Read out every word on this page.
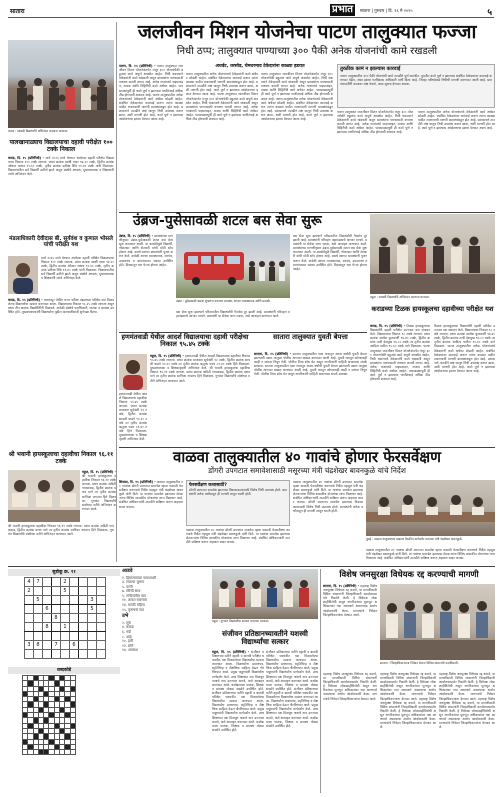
सातारा	प्रभात	सातारा | गुरुवार | दि. १६ मे २०२५	५
जलजीवन मिशन योजनेचा पाटण तालुक्यात फज्जा
निधी ठप्प; तालुक्यात पाण्याच्या ३०० पैकी अनेक योजनांची कामे रखडली
कराड : यशस्वी विद्यार्थ्यांचे अभिनंदन करताना मान्यवर.
पालखानाळ्याच विद्यालयाचा दहावी परीक्षेत १०० टक्के निकाल
कराड, दि. १५ (प्रतिनिधी) - मार्च २०२५ मध्ये घेण्यात आलेल्या दहावी परीक्षेत विद्यालयाचा निकाल १०० टक्के लागला. प्रथम क्रमांक साक्षी पवार ९४.२० टक्के, द्वितीय क्रमांक ओंकार जाधव ९२.६० टक्के, तृतीय क्रमांक प्रतीक्षा शिंदे ९१.४० टक्के यांनी मिळवला. विद्यालयातील सर्व विद्यार्थी उत्तीर्ण झाले असून संस्थेचे अध्यक्ष, मुख्याध्यापक व शिक्षकांनी त्यांचे अभिनंदन केले.
मंडलाधिकारी देवीदास बी. सूर्यवंश व कुणाल भोसले यांची परीक्षेत यश
कराड, दि. १५ (प्रतिनिधी) - मलकापूर येथील राज्य परीक्षा मंडळाच्या परीक्षेत यश मिळवलेल्या विद्यार्थ्यांचा सत्कार करण्यात आला. विद्यालयाचा निकाल ९८.२५ टक्के लागला असून प्रथम तीन क्रमांक विद्यार्थिनींनी मिळवले. यावेळी संस्थेचे पदाधिकारी, पालक व ग्रामस्थ उपस्थित होते. मुख्याध्यापकांनी विद्यार्थ्यांना पुढील वाटचालीसाठी शुभेच्छा दिल्या.
मार्च २०२५ मध्ये घेण्यात आलेल्या दहावी परीक्षेत विद्यालयाचा निकाल १०० टक्के लागला. प्रथम क्रमांक साक्षी पवार ९४.२० टक्के, द्वितीय क्रमांक ओंकार जाधव ९२.६० टक्के, तृतीय क्रमांक प्रतीक्षा शिंदे ९१.४० टक्के यांनी मिळवला. विद्यालयातील सर्व विद्यार्थी उत्तीर्ण झाले असून संस्थेचे अध्यक्ष, मुख्याध्यापक व शिक्षकांनी त्यांचे अभिनंदन केले.
श्री भवानी हायस्कूलाचा दहावीचा निकाल ९६.११ टक्के
वडूज, दि. १५ (प्रतिनिधी) - श्री भवानी हायस्कूलचा दहावीचा निकाल ९६.११ टक्के लागला. प्रथम क्रमांक अदिती गायकवाड, द्वितीय क्रमांक प्रणव माने तर तृतीय क्रमांक सानिका जगताप हिने मिळवला. गुणवंत विद्यार्थ्यांचे संस्थेच्या वतीने अभिनंदन करण्यात आले.
श्री भवानी हायस्कूलचा दहावीचा निकाल ९६.११ टक्के लागला. प्रथम क्रमांक अदिती गायकवाड, द्वितीय क्रमांक प्रणव माने तर तृतीय क्रमांक सानिका जगताप हिने मिळवला. गुणवंत विद्यार्थ्यांचे संस्थेच्या वतीने अभिनंदन करण्यात आले.
पाटण, दि. १५ (प्रतिनिधी) - पाटण तालुक्यात जलजीवन मिशन योजनेअंतर्गत मंजूर ३०० योजनांपैकी बहुतांश कामे अपूर्ण अवस्थेत आहेत. निधी थकल्याने ठेकेदारांनी कामे थांबवली असून ग्रामस्थांना पाण्यासाठी वणवण करावी लागत आहे. अनेक गावांमध्ये पाइपलाइन, टाक्या आणि विहिरींची कामे अर्धवट आहेत. पावसाळ्यापूर्वी ही कामे पूर्ण न झाल्यास पाणीटंचाई अधिक तीव्र होण्याची शक्यता आहे. पाटण तालुक्यातील अनेक योजनांमध्ये ठेकेदारांनी कामे अर्धवट सोडली आहेत. संबंधित ठेकेदारांवर कारवाई करून त्यांना काळ्या यादीत टाकण्याची मागणी ग्रामस्थांकडून होत आहे. प्रशासनाने तातडीने लक्ष घालून निधी उपलब्ध करून द्यावा, अशी मागणी होत आहे. कामे पूर्ण न झाल्यास आंदोलनाचा इशारा देण्यात आला आहे.
अधर्वट, धरसोड, चेमधरमाव टेकेदारांना काळ्या हडरात
पाटण तालुक्यातील अनेक योजनांमध्ये ठेकेदारांनी कामे अर्धवट सोडली आहेत. संबंधित ठेकेदारांवर कारवाई करून त्यांना काळ्या यादीत टाकण्याची मागणी ग्रामस्थांकडून होत आहे. प्रशासनाने तातडीने लक्ष घालून निधी उपलब्ध करून द्यावा, अशी मागणी होत आहे. कामे पूर्ण न झाल्यास आंदोलनाचा इशारा देण्यात आला आहे. पाटण तालुक्यात जलजीवन मिशन योजनेअंतर्गत मंजूर ३०० योजनांपैकी बहुतांश कामे अपूर्ण अवस्थेत आहेत. निधी थकल्याने ठेकेदारांनी कामे थांबवली असून ग्रामस्थांना पाण्यासाठी वणवण करावी लागत आहे. अनेक गावांमध्ये पाइपलाइन, टाक्या आणि विहिरींची कामे अर्धवट आहेत. पावसाळ्यापूर्वी ही कामे पूर्ण न झाल्यास पाणीटंचाई अधिक तीव्र होण्याची शक्यता आहे.
पाटण तालुक्यात जलजीवन मिशन योजनेअंतर्गत मंजूर ३०० योजनांपैकी बहुतांश कामे अपूर्ण अवस्थेत आहेत. निधी थकल्याने ठेकेदारांनी कामे थांबवली असून ग्रामस्थांना पाण्यासाठी वणवण करावी लागत आहे. अनेक गावांमध्ये पाइपलाइन, टाक्या आणि विहिरींची कामे अर्धवट आहेत. पावसाळ्यापूर्वी ही कामे पूर्ण न झाल्यास पाणीटंचाई अधिक तीव्र होण्याची शक्यता आहे. पाटण तालुक्यातील अनेक योजनांमध्ये ठेकेदारांनी कामे अर्धवट सोडली आहेत. संबंधित ठेकेदारांवर कारवाई करून त्यांना काळ्या यादीत टाकण्याची मागणी ग्रामस्थांकडून होत आहे. प्रशासनाने तातडीने लक्ष घालून निधी उपलब्ध करून द्यावा, अशी मागणी होत आहे. कामे पूर्ण न झाल्यास आंदोलनाचा इशारा देण्यात आला आहे.
तुरळीक कामं न झाल्यास कारवाई
पाटण तालुक्यातील ३०० पैकी योजनांची कामे तातडीने पूर्ण करावीत. मुदतीत कामे पूर्ण न झाल्यास संबंधित ठेकेदारांवर कारवाई करण्यात येईल, असा इशारा गटविकास अधिकारी यांनी दिला आहे. जिल्हा परिषदेकडे निधीची मागणी करण्यात आली आहे. ग्रामपंचायतींनी कामावर लक्ष ठेवावे, अशा सूचना देण्यात आल्या.
पाटण तालुक्यात जलजीवन मिशन योजनेअंतर्गत मंजूर ३०० योजनांपैकी बहुतांश कामे अपूर्ण अवस्थेत आहेत. निधी थकल्याने ठेकेदारांनी कामे थांबवली असून ग्रामस्थांना पाण्यासाठी वणवण करावी लागत आहे. अनेक गावांमध्ये पाइपलाइन, टाक्या आणि विहिरींची कामे अर्धवट आहेत. पावसाळ्यापूर्वी ही कामे पूर्ण न झाल्यास पाणीटंचाई अधिक तीव्र होण्याची शक्यता आहे.
पाटण तालुक्यातील अनेक योजनांमध्ये ठेकेदारांनी कामे अर्धवट सोडली आहेत. संबंधित ठेकेदारांवर कारवाई करून त्यांना काळ्या यादीत टाकण्याची मागणी ग्रामस्थांकडून होत आहे. प्रशासनाने तातडीने लक्ष घालून निधी उपलब्ध करून द्यावा, अशी मागणी होत आहे. कामे पूर्ण न झाल्यास आंदोलनाचा इशारा देण्यात आला आहे.
उंब्रज-पुसेसावळी शटल बस सेवा सुरू
उंब्रज, दि. १५ (प्रतिनिधी) - ग्रामस्थांच्या मागणीनुसार उंब्रज-पुसेसावळी शटल बस सेवा सुरू करण्यात आली. या बससेवेमुळे विद्यार्थी, नोकरदार आणि शेतकरी यांची मोठी सोय होणार आहे. बसचे स्वागत ग्रामस्थांनी पूजन करून केले. यावेळी आगार व्यवस्थापक, सरपंच, उपसरपंच व ग्रामपंचायत सदस्य उपस्थित होते. दिवसातून चार फेऱ्या होणार आहेत.
उंब्रज : पुसेसावळी बसचा शुभारंभ करताना ग्रामस्थ, आगार व्यवस्थापक आणि प्रवासी.
बस सेवा सुरू झाल्याने परिसरातील विद्यार्थ्यांची गैरसोय दूर झाली आहे. ग्रामस्थांनी परिवहन महामंडळाचे आभार मानले. प्रवाशांनी या सेवेचा लाभ घ्यावा, असे आवाहन करण्यात आले.
बस सेवा सुरू झाल्याने परिसरातील विद्यार्थ्यांची गैरसोय दूर झाली आहे. ग्रामस्थांनी परिवहन महामंडळाचे आभार मानले. प्रवाशांनी या सेवेचा लाभ घ्यावा, असे आवाहन करण्यात आले. ग्रामस्थांच्या मागणीनुसार उंब्रज-पुसेसावळी शटल बस सेवा सुरू करण्यात आली. या बससेवेमुळे विद्यार्थी, नोकरदार आणि शेतकरी यांची मोठी सोय होणार आहे. बसचे स्वागत ग्रामस्थांनी पूजन करून केले. यावेळी आगार व्यवस्थापक, सरपंच, उपसरपंच व ग्रामपंचायत सदस्य उपस्थित होते. दिवसातून चार फेऱ्या होणार आहेत.
वडूज : यशस्वी विद्यार्थ्यांचे अभिनंदन करताना मान्यवर.
कराडच्या टिळक हायस्कूलचा दहावीच्या परीक्षेत यश
कराड, दि. १५ (प्रतिनिधी) - टिळक हायस्कूलच्या विद्यार्थ्यांनी दहावी परीक्षेत उज्ज्वल यश संपादन केले. विद्यालयाचा निकाल ९८ टक्के लागला. प्रथम क्रमांक सार्थक कुलकर्णी ९७.४० टक्के, द्वितीय क्रमांक तन्वी देशमुख ९६.८० टक्के तर तृतीय क्रमांक आदित्य पाटील ९५.६० टक्के याने मिळवला. पाटण तालुक्यात जलजीवन मिशन योजनेअंतर्गत मंजूर ३०० योजनांपैकी बहुतांश कामे अपूर्ण अवस्थेत आहेत. निधी थकल्याने ठेकेदारांनी कामे थांबवली असून ग्रामस्थांना पाण्यासाठी वणवण करावी लागत आहे. अनेक गावांमध्ये पाइपलाइन, टाक्या आणि विहिरींची कामे अर्धवट आहेत. पावसाळ्यापूर्वी ही कामे पूर्ण न झाल्यास पाणीटंचाई अधिक तीव्र होण्याची शक्यता आहे.
टिळक हायस्कूलच्या विद्यार्थ्यांनी दहावी परीक्षेत उज्ज्वल यश संपादन केले. विद्यालयाचा निकाल ९८ टक्के लागला. प्रथम क्रमांक सार्थक कुलकर्णी ९७.४० टक्के, द्वितीय क्रमांक तन्वी देशमुख ९६.८० टक्के तर तृतीय क्रमांक आदित्य पाटील ९५.६० टक्के याने मिळवला. पाटण तालुक्यातील अनेक योजनांमध्ये ठेकेदारांनी कामे अर्धवट सोडली आहेत. संबंधित ठेकेदारांवर कारवाई करून त्यांना काळ्या यादीत टाकण्याची मागणी ग्रामस्थांकडून होत आहे. प्रशासनाने तातडीने लक्ष घालून निधी उपलब्ध करून द्यावा, अशी मागणी होत आहे. कामे पूर्ण न झाल्यास आंदोलनाचा इशारा देण्यात आला आहे.
हणमंतवाडी येथील आदर्श विद्यालयाचा दहावी परीक्षेचा निकाल ९५.४५ टक्के
वडूज, दि. १५ (प्रतिनिधी) - हणमंतवाडी येथील आदर्श विद्यालयाचा दहावीचा निकाल ९५.४५ टक्के लागला. प्रथम क्रमांक प्राजक्ता सूर्यवंशी ९२ टक्के, द्वितीय क्रमांक सायली घाडगे ९०.२० टक्के तर तृतीय क्रमांक ऋतुजा पवार ८९.४० टक्के हिने मिळवला. मुख्याध्यापक व शिक्षकवृंदांनी अभिनंदन केले. श्री भवानी हायस्कूलचा दहावीचा निकाल ९६.११ टक्के लागला. प्रथम क्रमांक अदिती गायकवाड, द्वितीय क्रमांक प्रणव माने तर तृतीय क्रमांक सानिका जगताप हिने मिळवला. गुणवंत विद्यार्थ्यांचे संस्थेच्या वतीने अभिनंदन करण्यात आले.
हणमंतवाडी येथील आदर्श विद्यालयाचा दहावीचा निकाल ९५.४५ टक्के लागला. प्रथम क्रमांक प्राजक्ता सूर्यवंशी ९२ टक्के, द्वितीय क्रमांक सायली घाडगे ९०.२० टक्के तर तृतीय क्रमांक ऋतुजा पवार ८९.४० टक्के हिने मिळवला. मुख्याध्यापक व शिक्षकवृंदांनी अभिनंदन केले.
सातारा तालुक्यात युवती बेपत्ता
सातारा, दि. १५ (प्रतिनिधी) - सातारा तालुक्यातील एका गावातून अठरा वर्षांची युवती बेपत्ता झाल्याची तक्रार तालुका पोलीस ठाण्यात दाखल करण्यात आली आहे. युवती घरातून कोणालाही काही न सांगता निघून गेली. पोलीस तिचा शोध घेत असून नागरिकांनी माहिती असल्यास संपर्क साधावा. सातारा तालुक्यातील एका गावातून अठरा वर्षांची युवती बेपत्ता झाल्याची तक्रार तालुका पोलीस ठाण्यात दाखल करण्यात आली आहे. युवती घरातून कोणालाही काही न सांगता निघून गेली. पोलीस तिचा शोध घेत असून नागरिकांनी माहिती असल्यास संपर्क साधावा.
वाळवा तालुक्यातील ४० गावांचे होणार फेरसर्वेक्षण
डोंगरी उपगटात समावेशासाठी मसूरच्या मंत्री चंद्रशेखर बावनकुळे यांचे निर्देश
शिराळा, दि. १५ (प्रतिनिधी) - वाळवा तालुक्यातील ४० गावांचा डोंगरी उपगटात समावेश व्हावा यासाठी फेरसर्वेक्षण करण्याचे निर्देश महसूल मंत्री चंद्रशेखर बावनकुळे यांनी दिले. या गावांचा समावेश झाल्यास शेतकऱ्यांना विविध शासकीय योजनांचा लाभ मिळणार आहे. संबंधित अधिकाऱ्यांनी तातडीने सर्वेक्षण करून अहवाल सादर करावा.
फेरसर्वेक्षण कशासाठी?
डोंगरी उपगटात समावेश झाल्यास विकासकामांसाठी विशेष निधी उपलब्ध होतो. ग्रामस्थांनी अनेक वर्षांपासून ही मागणी लावून धरली होती.
वाळवा तालुक्यातील ४० गावांचा डोंगरी उपगटात समावेश व्हावा यासाठी फेरसर्वेक्षण करण्याचे निर्देश महसूल मंत्री चंद्रशेखर बावनकुळे यांनी दिले. या गावांचा समावेश झाल्यास शेतकऱ्यांना विविध शासकीय योजनांचा लाभ मिळणार आहे. संबंधित अधिकाऱ्यांनी तातडीने सर्वेक्षण करून अहवाल सादर करावा.
वाळवा तालुक्यातील ४० गावांचा डोंगरी उपगटात समावेश व्हावा यासाठी फेरसर्वेक्षण करण्याचे निर्देश महसूल मंत्री चंद्रशेखर बावनकुळे यांनी दिले. या गावांचा समावेश झाल्यास शेतकऱ्यांना विविध शासकीय योजनांचा लाभ मिळणार आहे. संबंधित अधिकाऱ्यांनी तातडीने सर्वेक्षण करून अहवाल सादर करावा. डोंगरी उपगटात समावेश झाल्यास विकासकामांसाठी विशेष निधी उपलब्ध होतो. ग्रामस्थांनी अनेक वर्षांपासून ही मागणी लावून धरली होती.
मुंबई : वाळवा तालुक्याच्या प्रश्नावर बैठकीत मार्गदर्शन करताना मंत्री चंद्रशेखर बावनकुळे.
वाळवा तालुक्यातील ४० गावांचा डोंगरी उपगटात समावेश व्हावा यासाठी फेरसर्वेक्षण करण्याचे निर्देश महसूल मंत्री चंद्रशेखर बावनकुळे यांनी दिले. या गावांचा समावेश झाल्यास शेतकऱ्यांना विविध शासकीय योजनांचा लाभ मिळणार आहे. संबंधित अधिकाऱ्यांनी तातडीने सर्वेक्षण करून अहवाल सादर करावा.
सुडोकू क्र. ११
4	7			2				
2				5				
	5						3	
		6					5	
			8					
		8		1				

3	8		7		6			

शब्दकोडे

आडवे
१. हिमालयाच्या पायथ्याशी
३. राजाचा मुलगा
५. पाणी
७. स्त्रीची साथ
९. संगीतातील स्वर
११. शेतात राबणारा
१३. मराठी महिना
१५. कृष्णाचे नाव
उभे
२. सूर्य
४. कमळ
६. नदी
८. आई
१०. हत्ती
१२. सोने
१४. आकाश
वडूज : गुणवंत विद्यार्थ्यांचा सत्कार करताना मान्यवर.
संजीवन प्रतिष्ठानच्यावतीने यशस्वी विद्यार्थ्यांचा सत्कार
वडूज, दि. १५ (प्रतिनिधी) - संजीवन प्रतिष्ठानच्या वतीने दहावी व बारावी परीक्षेत घवघवीत यश मिळवलेल्या विद्यार्थ्यांचा सत्कार करण्यात आला. विद्यार्थ्यांना प्रमाणपत्र, स्मृतिचिन्ह व शैक्षणिक साहित्य देऊन गौरविण्यात आले. प्रमुख पाहुण्यांनी विद्यार्थ्यांना मार्गदर्शन केले. उच्च शिक्षणात यश मिळवून गावाचे नाव उज्ज्वल करावे, असे आवाहन करण्यात आले. कार्यक्रमाला पालक, शिक्षक व ग्रामस्थ मोठ्या संख्येने उपस्थित होते. संजीवन प्रतिष्ठानच्या वतीने दहावी व बारावी परीक्षेत घवघवीत यश मिळवलेल्या विद्यार्थ्यांचा सत्कार करण्यात आला. विद्यार्थ्यांना प्रमाणपत्र, स्मृतिचिन्ह व शैक्षणिक साहित्य देऊन गौरविण्यात आले. प्रमुख पाहुण्यांनी विद्यार्थ्यांना मार्गदर्शन केले. उच्च शिक्षणात यश मिळवून गावाचे नाव उज्ज्वल करावे, असे आवाहन करण्यात आले. कार्यक्रमाला पालक, शिक्षक व ग्रामस्थ मोठ्या संख्येने उपस्थित होते.
संजीवन प्रतिष्ठानच्या वतीने दहावी व बारावी परीक्षेत घवघवीत यश मिळवलेल्या विद्यार्थ्यांचा सत्कार करण्यात आला. विद्यार्थ्यांना प्रमाणपत्र, स्मृतिचिन्ह व शैक्षणिक साहित्य देऊन गौरविण्यात आले. प्रमुख पाहुण्यांनी विद्यार्थ्यांना मार्गदर्शन केले. उच्च शिक्षणात यश मिळवून गावाचे नाव उज्ज्वल करावे, असे आवाहन करण्यात आले. कार्यक्रमाला पालक, शिक्षक व ग्रामस्थ मोठ्या संख्येने उपस्थित होते. संजीवन प्रतिष्ठानच्या वतीने दहावी व बारावी परीक्षेत घवघवीत यश मिळवलेल्या विद्यार्थ्यांचा सत्कार करण्यात आला. विद्यार्थ्यांना प्रमाणपत्र, स्मृतिचिन्ह व शैक्षणिक साहित्य देऊन गौरविण्यात आले. प्रमुख पाहुण्यांनी विद्यार्थ्यांना मार्गदर्शन केले. उच्च शिक्षणात यश मिळवून गावाचे नाव उज्ज्वल करावे, असे आवाहन करण्यात आले. कार्यक्रमाला पालक, शिक्षक व ग्रामस्थ मोठ्या संख्येने उपस्थित होते.
विशेष जनसुरक्षा विधेयक रद्द करण्याची मागणी
सातारा, दि. १५ (प्रतिनिधी) - महाराष्ट्र विशेष जनसुरक्षा विधेयक रद्द करावे, या मागणीसाठी विविध संघटनांनी जिल्हाधिकारी कार्यालयासमोर निदर्शने केली. हे विधेयक लोकशाहीविरोधी असून नागरिकांच्या मूलभूत अधिकारांवर गदा आणणारे असल्याचा आरोप आंदोलकांनी केला. मागण्यांचे निवेदन जिल्हाधिकाऱ्यांना देण्यात आले.
सातारा : जिल्हाधिकाऱ्यांना निवेदन देताना विविध संघटनांचे पदाधिकारी.
महाराष्ट्र विशेष जनसुरक्षा विधेयक रद्द करावे, या मागणीसाठी विविध संघटनांनी जिल्हाधिकारी कार्यालयासमोर निदर्शने केली. हे विधेयक लोकशाहीविरोधी असून नागरिकांच्या मूलभूत अधिकारांवर गदा आणणारे असल्याचा आरोप आंदोलकांनी केला. मागण्यांचे निवेदन जिल्हाधिकाऱ्यांना देण्यात आले.
महाराष्ट्र विशेष जनसुरक्षा विधेयक रद्द करावे, या मागणीसाठी विविध संघटनांनी जिल्हाधिकारी कार्यालयासमोर निदर्शने केली. हे विधेयक लोकशाहीविरोधी असून नागरिकांच्या मूलभूत अधिकारांवर गदा आणणारे असल्याचा आरोप आंदोलकांनी केला. मागण्यांचे निवेदन जिल्हाधिकाऱ्यांना देण्यात आले. महाराष्ट्र विशेष जनसुरक्षा विधेयक रद्द करावे, या मागणीसाठी विविध संघटनांनी जिल्हाधिकारी कार्यालयासमोर निदर्शने केली. हे विधेयक लोकशाहीविरोधी असून नागरिकांच्या मूलभूत अधिकारांवर गदा आणणारे असल्याचा आरोप आंदोलकांनी केला. मागण्यांचे निवेदन जिल्हाधिकाऱ्यांना देण्यात आले.
महाराष्ट्र विशेष जनसुरक्षा विधेयक रद्द करावे, या मागणीसाठी विविध संघटनांनी जिल्हाधिकारी कार्यालयासमोर निदर्शने केली. हे विधेयक लोकशाहीविरोधी असून नागरिकांच्या मूलभूत अधिकारांवर गदा आणणारे असल्याचा आरोप आंदोलकांनी केला. मागण्यांचे निवेदन जिल्हाधिकाऱ्यांना देण्यात आले. महाराष्ट्र विशेष जनसुरक्षा विधेयक रद्द करावे, या मागणीसाठी विविध संघटनांनी जिल्हाधिकारी कार्यालयासमोर निदर्शने केली. हे विधेयक लोकशाहीविरोधी असून नागरिकांच्या मूलभूत अधिकारांवर गदा आणणारे असल्याचा आरोप आंदोलकांनी केला. मागण्यांचे निवेदन जिल्हाधिकाऱ्यांना देण्यात आले.
